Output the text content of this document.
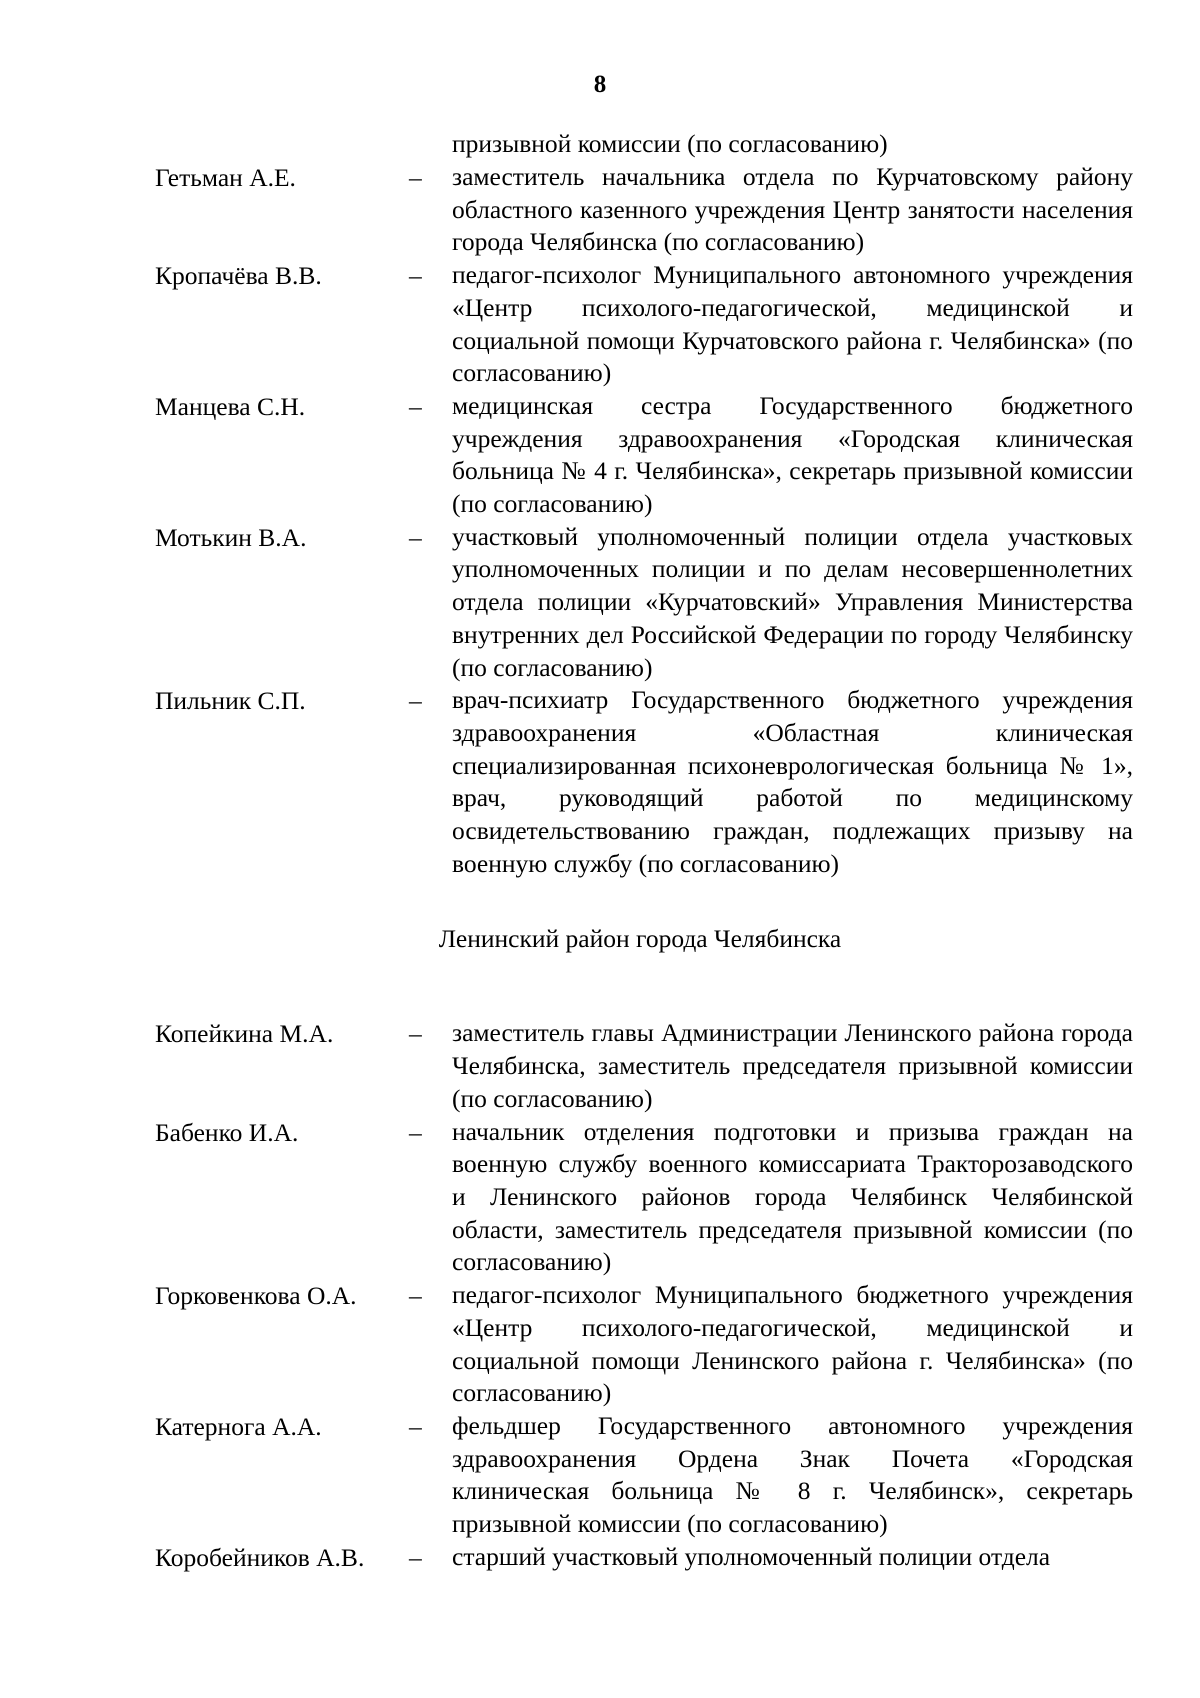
8
призывной комиссии (по согласованию)
Гетьман А.Е.	– заместитель начальника отдела по Курчатовскому району областного казенного учреждения Центр занятости населения города Челябинска (по согласованию)
Кропачёва В.В.	– педагог-психолог Муниципального автономного учреждения «Центр психолого-педагогической, медицинской и социальной помощи Курчатовского района г. Челябинска» (по согласованию)
Манцева С.Н.	– медицинская сестра Государственного бюджетного учреждения здравоохранения «Городская клиническая больница № 4 г. Челябинска», секретарь призывной комиссии (по согласованию)
Мотькин В.А.	– участковый уполномоченный полиции отдела участковых уполномоченных полиции и по делам несовершеннолетних отдела полиции «Курчатовский» Управления Министерства внутренних дел Российской Федерации по городу Челябинску (по согласованию)
Пильник С.П.	– врач-психиатр Государственного бюджетного учреждения здравоохранения «Областная клиническая специализированная психоневрологическая больница № 1», врач, руководящий работой по медицинскому освидетельствованию граждан, подлежащих призыву на военную службу (по согласованию)
Ленинский район города Челябинска
Копейкина М.А.	– заместитель главы Администрации Ленинского района города Челябинска, заместитель председателя призывной комиссии (по согласованию)
Бабенко И.А.	– начальник отделения подготовки и призыва граждан на военную службу военного комиссариата Тракторозаводского и Ленинского районов города Челябинск Челябинской области, заместитель председателя призывной комиссии (по согласованию)
Горковенкова О.А. – педагог-психолог Муниципального бюджетного учреждения «Центр психолого-педагогической, медицинской и социальной помощи Ленинского района г. Челябинска» (по согласованию)
Катернога А.А.	– фельдшер Государственного автономного учреждения здравоохранения Ордена Знак Почета «Городская клиническая больница № 8 г. Челябинск», секретарь призывной комиссии (по согласованию)
Коробейников А.В. – старший участковый уполномоченный полиции отдела
